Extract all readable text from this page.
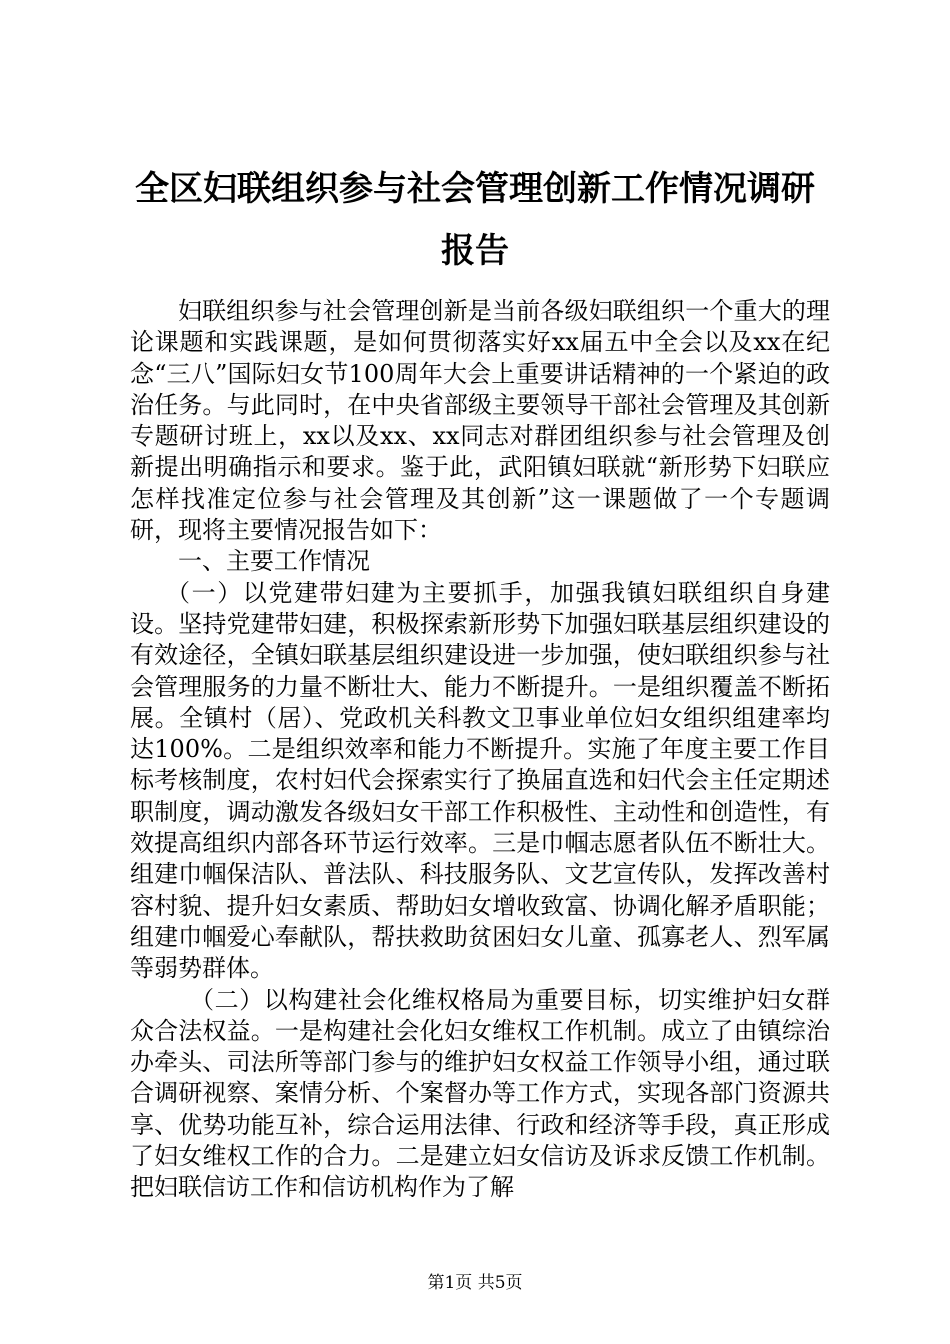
全区妇联组织参与社会管理创新工作情况调研报告

妇联组织参与社会管理创新是当前各级妇联组织一个重大的理论课题和实践课题，是如何贯彻落实好xx届五中全会以及xx在纪念“三八”国际妇女节100周年大会上重要讲话精神的一个紧迫的政治任务。与此同时，在中央省部级主要领导干部社会管理及其创新专题研讨班上，xx以及xx、xx同志对群团组织参与社会管理及创新提出明确指示和要求。鉴于此，武阳镇妇联就“新形势下妇联应怎样找准定位参与社会管理及其创新”这一课题做了一个专题调研，现将主要情况报告如下：

一、主要工作情况

（一）以党建带妇建为主要抓手，加强我镇妇联组织自身建设。坚持党建带妇建，积极探索新形势下加强妇联基层组织建设的有效途径，全镇妇联基层组织建设进一步加强，使妇联组织参与社会管理服务的力量不断壮大、能力不断提升。一是组织覆盖不断拓展。全镇村（居）、党政机关科教文卫事业单位妇女组织组建率均达100%。二是组织效率和能力不断提升。实施了年度主要工作目标考核制度，农村妇代会探索实行了换届直选和妇代会主任定期述职制度，调动激发各级妇女干部工作积极性、主动性和创造性，有效提高组织内部各环节运行效率。三是巾帼志愿者队伍不断壮大。组建巾帼保洁队、普法队、科技服务队、文艺宣传队，发挥改善村容村貌、提升妇女素质、帮助妇女增收致富、协调化解矛盾职能；组建巾帼爱心奉献队，帮扶救助贫困妇女儿童、孤寡老人、烈军属等弱势群体。

（二）以构建社会化维权格局为重要目标，切实维护妇女群众合法权益。一是构建社会化妇女维权工作机制。成立了由镇综治办牵头、司法所等部门参与的维护妇女权益工作领导小组，通过联合调研视察、案情分析、个案督办等工作方式，实现各部门资源共享、优势功能互补，综合运用法律、行政和经济等手段，真正形成了妇女维权工作的合力。二是建立妇女信访及诉求反馈工作机制。把妇联信访工作和信访机构作为了解

第1页 共5页
